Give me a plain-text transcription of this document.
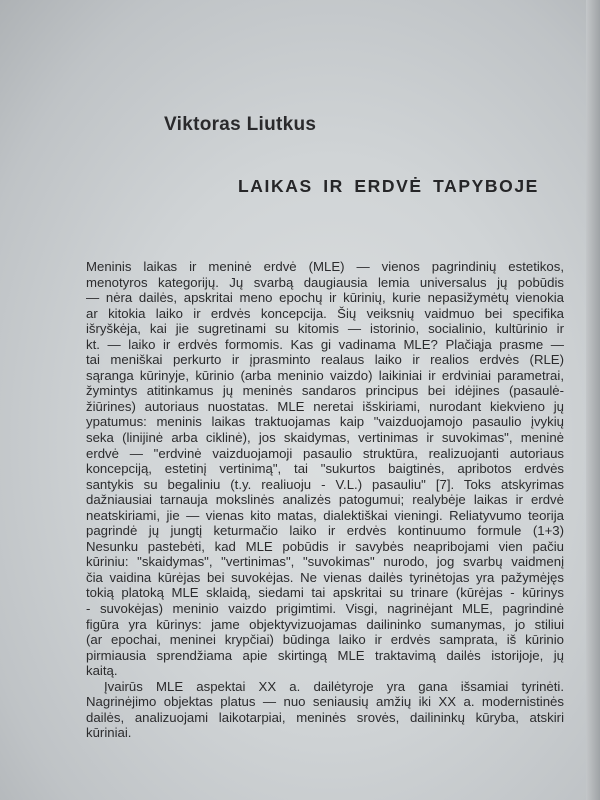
Viktoras Liutkus
LAIKAS IR ERDVĖ TAPYBOJE
Meninis laikas ir meninė erdvė (MLE) — vienos pagrindinių estetikos,
menotyros kategorijų. Jų svarbą daugiausia lemia universalus jų pobūdis
— nėra dailės, apskritai meno epochų ir kūrinių, kurie nepasižymėtų vienokia
ar kitokia laiko ir erdvės koncepcija. Šių veiksnių vaidmuo bei specifika
išryškėja, kai jie sugretinami su kitomis — istorinio, socialinio, kultūrinio ir
kt. — laiko ir erdvės formomis. Kas gi vadinama MLE? Plačiąja prasme —
tai meniškai perkurto ir įprasminto realaus laiko ir realios erdvės (RLE)
sąranga kūrinyje, kūrinio (arba meninio vaizdo) laikiniai ir erdviniai parametrai,
žymintys atitinkamus jų meninės sandaros principus bei idėjines (pasaulė-
žiūrines) autoriaus nuostatas. MLE neretai išskiriami, nurodant kiekvieno jų
ypatumus: meninis laikas traktuojamas kaip "vaizduojamojo pasaulio įvykių
seka (linijinė arba ciklinė), jos skaidymas, vertinimas ir suvokimas", meninė
erdvė — "erdvinė vaizduojamoji pasaulio struktūra, realizuojanti autoriaus
koncepciją, estetinį vertinimą", tai "sukurtos baigtinės, apribotos erdvės
santykis su begaliniu (t.y. realiuoju - V.L.) pasauliu" [7]. Toks atskyrimas
dažniausiai tarnauja mokslinės analizės patogumui; realybėje laikas ir erdvė
neatskiriami, jie — vienas kito matas, dialektiškai vieningi. Reliatyvumo teorija
pagrindė jų jungtį keturmačio laiko ir erdvės kontinuumo formule (1+3)
Nesunku pastebėti, kad MLE pobūdis ir savybės neapribojami vien pačiu
kūriniu: "skaidymas", "vertinimas", "suvokimas" nurodo, jog svarbų vaidmenį
čia vaidina kūrėjas bei suvokėjas. Ne vienas dailės tyrinėtojas yra pažymėjęs
tokią platoką MLE sklaidą, siedami tai apskritai su trinare (kūrėjas - kūrinys
- suvokėjas) meninio vaizdo prigimtimi. Visgi, nagrinėjant MLE, pagrindinė
figūra yra kūrinys: jame objektyvizuojamas dailininko sumanymas, jo stiliui
(ar epochai, meninei krypčiai) būdinga laiko ir erdvės samprata, iš kūrinio
pirmiausia sprendžiama apie skirtingą MLE traktavimą dailės istorijoje, jų
kaitą.
Įvairūs MLE aspektai XX a. dailėtyroje yra gana išsamiai tyrinėti.
Nagrinėjimo objektas platus — nuo seniausių amžių iki XX a. modernistinės
dailės, analizuojami laikotarpiai, meninės srovės, dailininkų kūryba, atskiri
kūriniai.
